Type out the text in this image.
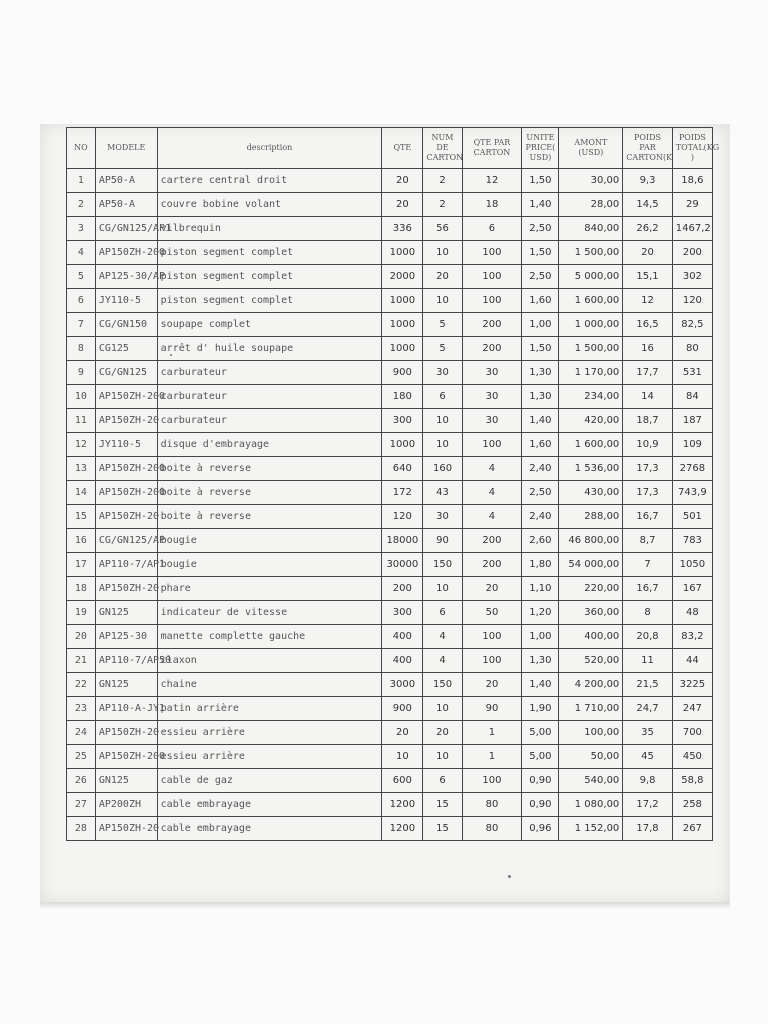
NO	MODELE	description	QTE	NUM DE CARTON	QTE PAR CARTON	UNITE PRICE( USD)	AMONT (USD)	POIDS PAR CARTON(K	POIDS TOTAL(KG )
1	AP50-A	cartere central droit	20	2	12	1,50	30,00	9,3	18,6
2	AP50-A	couvre bobine volant	20	2	18	1,40	28,00	14,5	29
3	CG/GN125/AP1	vilbrequin	336	56	6	2,50	840,00	26,2	1467,2
4	AP150ZH-200	piston segment complet	1000	10	100	1,50	1 500,00	20	200
5	AP125-30/AP	piston segment complet	2000	20	100	2,50	5 000,00	15,1	302
6	JY110-5	piston segment complet	1000	10	100	1,60	1 600,00	12	120
7	CG/GN150	soupape complet	1000	5	200	1,00	1 000,00	16,5	82,5
8	CG125	arrêt d' huile soupape	1000	5	200	1,50	1 500,00	16	80
9	CG/GN125	carburateur	900	30	30	1,30	1 170,00	17,7	531
10	AP150ZH-200	carburateur	180	6	30	1,30	234,00	14	84
11	AP150ZH-20	carburateur	300	10	30	1,40	420,00	18,7	187
12	JY110-5	disque d'embrayage	1000	10	100	1,60	1 600,00	10,9	109
13	AP150ZH-200	boite à reverse	640	160	4	2,40	1 536,00	17,3	2768
14	AP150ZH-200	boite à reverse	172	43	4	2,50	430,00	17,3	743,9
15	AP150ZH-20	boite à reverse	120	30	4	2,40	288,00	16,7	501
16	CG/GN125/AP	bougie	18000	90	200	2,60	46 800,00	8,7	783
17	AP110-7/AP1	bougie	30000	150	200	1,80	54 000,00	7	1050
18	AP150ZH-20	phare	200	10	20	1,10	220,00	16,7	167
19	GN125	indicateur de vitesse	300	6	50	1,20	360,00	8	48
20	AP125-30	manette complette gauche	400	4	100	1,00	400,00	20,8	83,2
21	AP110-7/AP50	claxon	400	4	100	1,30	520,00	11	44
22	GN125	chaine	3000	150	20	1,40	4 200,00	21,5	3225
23	AP110-A-JY1	patin arrière	900	10	90	1,90	1 710,00	24,7	247
24	AP150ZH-20	essieu arrière	20	20	1	5,00	100,00	35	700
25	AP150ZH-200	essieu arrière	10	10	1	5,00	50,00	45	450
26	GN125	cable de gaz	600	6	100	0,90	540,00	9,8	58,8
27	AP200ZH	cable embrayage	1200	15	80	0,90	1 080,00	17,2	258
28	AP150ZH-20	cable embrayage	1200	15	80	0,96	1 152,00	17,8	267
